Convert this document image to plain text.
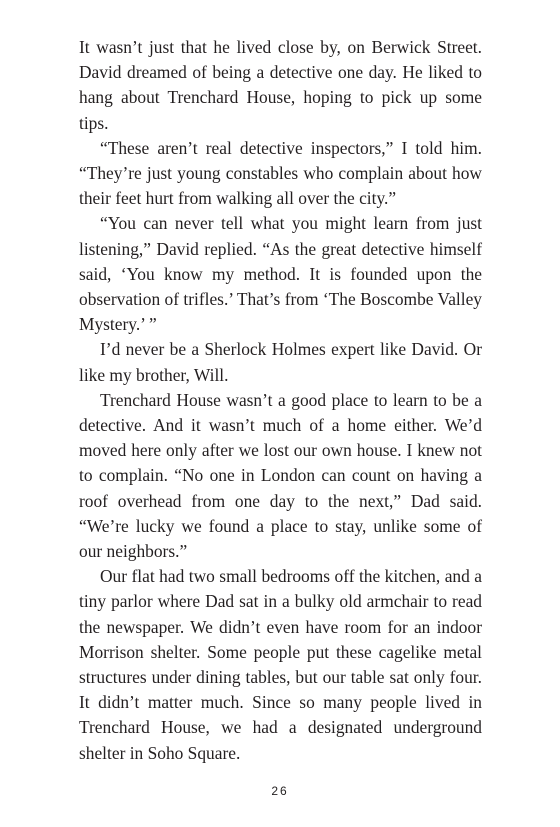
It wasn’t just that he lived close by, on Berwick Street. David dreamed of being a detective one day. He liked to hang about Trenchard House, hoping to pick up some tips.

“These aren’t real detective inspectors,” I told him. “They’re just young constables who complain about how their feet hurt from walking all over the city.”

“You can never tell what you might learn from just listening,” David replied. “As the great detective himself said, ‘You know my method. It is founded upon the observation of trifles.’ That’s from ‘The Boscombe Valley Mystery.’ ”

I’d never be a Sherlock Holmes expert like David. Or like my brother, Will.

Trenchard House wasn’t a good place to learn to be a detective. And it wasn’t much of a home either. We’d moved here only after we lost our own house. I knew not to complain. “No one in London can count on having a roof overhead from one day to the next,” Dad said. “We’re lucky we found a place to stay, unlike some of our neighbors.”

Our flat had two small bedrooms off the kitchen, and a tiny parlor where Dad sat in a bulky old armchair to read the newspaper. We didn’t even have room for an indoor Morrison shelter. Some people put these cagelike metal structures under dining tables, but our table sat only four. It didn’t matter much. Since so many people lived in Trenchard House, we had a designated underground shelter in Soho Square.

26
